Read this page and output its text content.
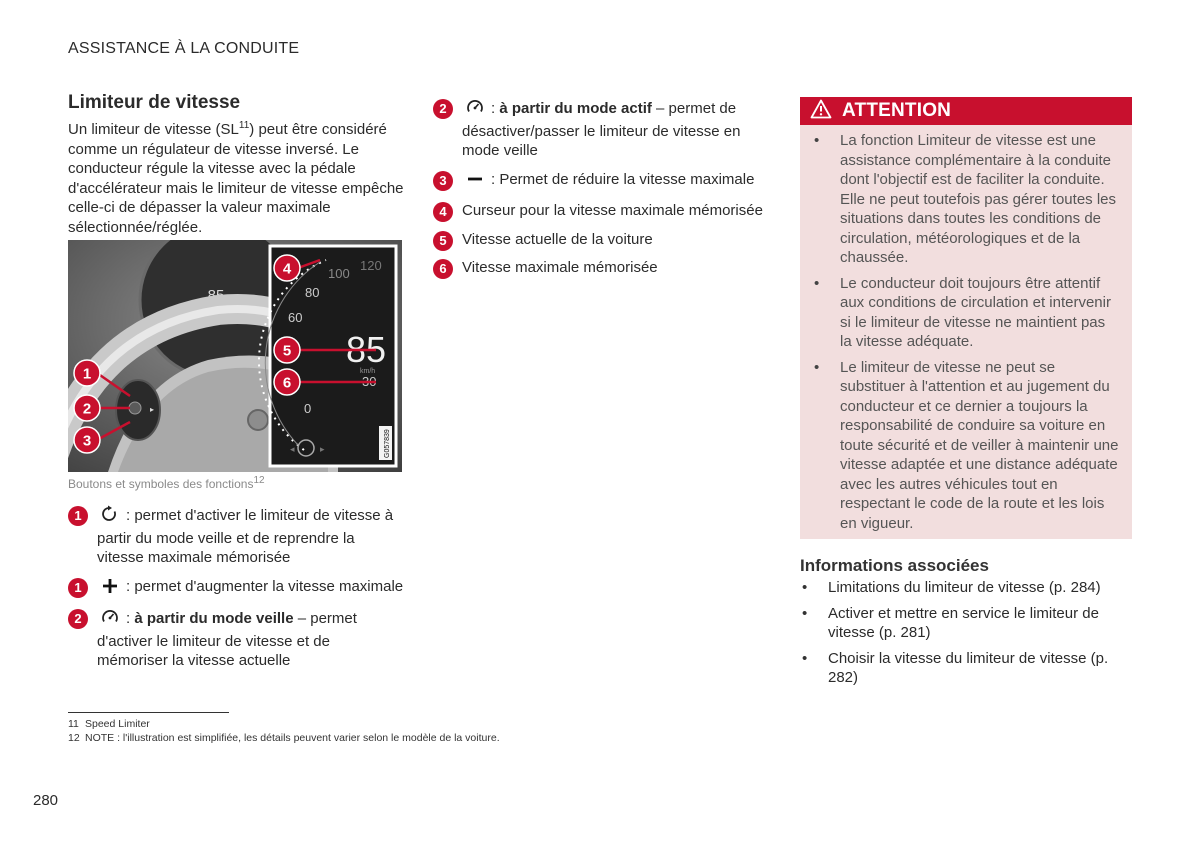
ASSISTANCE À LA CONDUITE
Limiteur de vitesse

Un limiteur de vitesse (SL$^{11}$) peut être considéré comme un régulateur de vitesse inversé. Le conducteur régule la vitesse avec la pédale d'accélérateur mais le limiteur de vitesse empêche celle-ci de dépasser la valeur maximale sélectionnée/réglée.

85
▸
120
100
80
60
30
0
85
km/h
◂	▸	G057839
1
2
3
4
5
6
Boutons et symboles des fonctions$^{12}$
1	: permet d'activer le limiteur de vitesse à partir du mode veille et de reprendre la vitesse maximale mémorisée
1	: permet d'augmenter la vitesse maximale
2	: à partir du mode veille – permet d'activer le limiteur de vitesse et de mémoriser la vitesse actuelle
2	: à partir du mode actif – permet de désactiver/passer le limiteur de vitesse en mode veille
3	: Permet de réduire la vitesse maximale
4	Curseur pour la vitesse maximale mémorisée
5	Vitesse actuelle de la voiture
6	Vitesse maximale mémorisée
ATTENTION
• La fonction Limiteur de vitesse est une assistance complémentaire à la conduite dont l'objectif est de faciliter la conduite. Elle ne peut toutefois pas gérer toutes les situations dans toutes les conditions de circulation, météorologiques et de la chaussée.
• Le conducteur doit toujours être attentif aux conditions de circulation et intervenir si le limiteur de vitesse ne maintient pas la vitesse adéquate.
• Le limiteur de vitesse ne peut se substituer à l'attention et au jugement du conducteur et ce dernier a toujours la responsabilité de conduire sa voiture en toute sécurité et de veiller à maintenir une vitesse adaptée et une distance adéquate avec les autres véhicules tout en respectant le code de la route et les lois en vigueur.
Informations associées
• Limitations du limiteur de vitesse (p. 284)
• Activer et mettre en service le limiteur de vitesse (p. 281)
• Choisir la vitesse du limiteur de vitesse (p. 282)
11 Speed Limiter
12 NOTE : l'illustration est simplifiée, les détails peuvent varier selon le modèle de la voiture.
280
